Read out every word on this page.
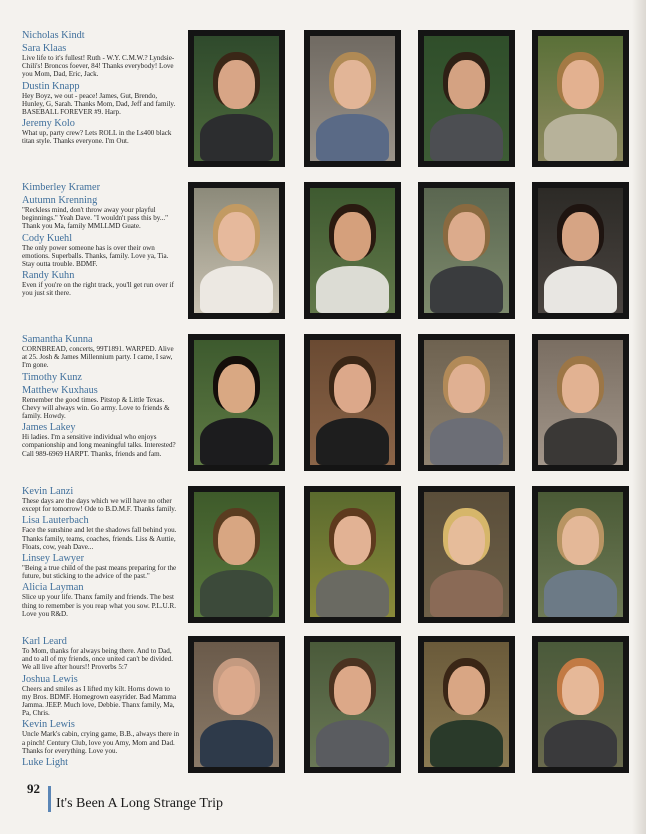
Nicholas Kindt
Sara Klaas
Live life to it's fullest! Ruth - W.Y. C.M.W.? Lyndsie-Chili's! Broncos foever, 84! Thanks everybody! Love you Mom, Dad, Eric, Jack.
Dustin Knapp
Hey Boyz, we out - peace! James, Gut, Brendo, Hunley, G, Sarah. Thanks Mom, Dad, Jeff and family. BASEBALL FOREVER #9. Harp.
Jeremy Kolo
What up, party crew? Lets ROLL in the Ls400 black titan style. Thanks everyone. I'm Out.
Kimberley Kramer
Autumn Krenning
"Reckless mind, don't throw away your playful beginnings." Yeah Dave. "I wouldn't pass this by..." Thank you Ma, family MMLLMD Guate.
Cody Kuehl
The only power someone has is over their own emotions. Superballs. Thanks, family. Love ya, Tia. Stay outta trouble. BDMF.
Randy Kuhn
Even if you're on the right track, you'll get run over if you just sit there.
Samantha Kunna
CORNBREAD, concerts, 99T1891. WARPED. Alive at 25. Josh & James Millennium party. I came, I saw, I'm gone.
Timothy Kunz
Matthew Kuxhaus
Remember the good times. Pitstop & Little Texas. Chevy will always win. Go army. Love to friends & family. Howdy.
James Lakey
Hi ladies. I'm a sensitive individual who enjoys companionship and long meaningful talks. Interested? Call 989-6969 HARPT. Thanks, friends and fam.
Kevin Lanzi
These days are the days which we will have no other except for tomorrow! Ode to B.D.M.F. Thanks family.
Lisa Lauterbach
Face the sunshine and let the shadows fall behind you. Thanks family, teams, coaches, friends. Liss & Auttie, Floats, cow, yeah Dave...
Linsey Lawyer
"Being a true child of the past means preparing for the future, but sticking to the advice of the past."
Alicia Layman
Slice up your life. Thanx family and friends. The best thing to remember is you reap what you sow. P.L.U.R. Love you R&D.
Karl Leard
To Mom, thanks for always being there. And to Dad, and to all of my friends, once united can't be divided. We all live after hours!! Proverbs 5:7
Joshua Lewis
Cheers and smiles as I lifted my kilt. Horns down to my Bros. BDMF. Homegrown easyrider. Bad Mamma Jamma. JEEP. Much love, Debbie. Thanx family, Ma, Pa, Chris.
Kevin Lewis
Uncle Mark's cabin, crying game, B.B., always there in a pinch! Century Club, love you Amy, Mom and Dad. Thanks for everything. Love you.
Luke Light
92
It's Been A Long Strange Trip
